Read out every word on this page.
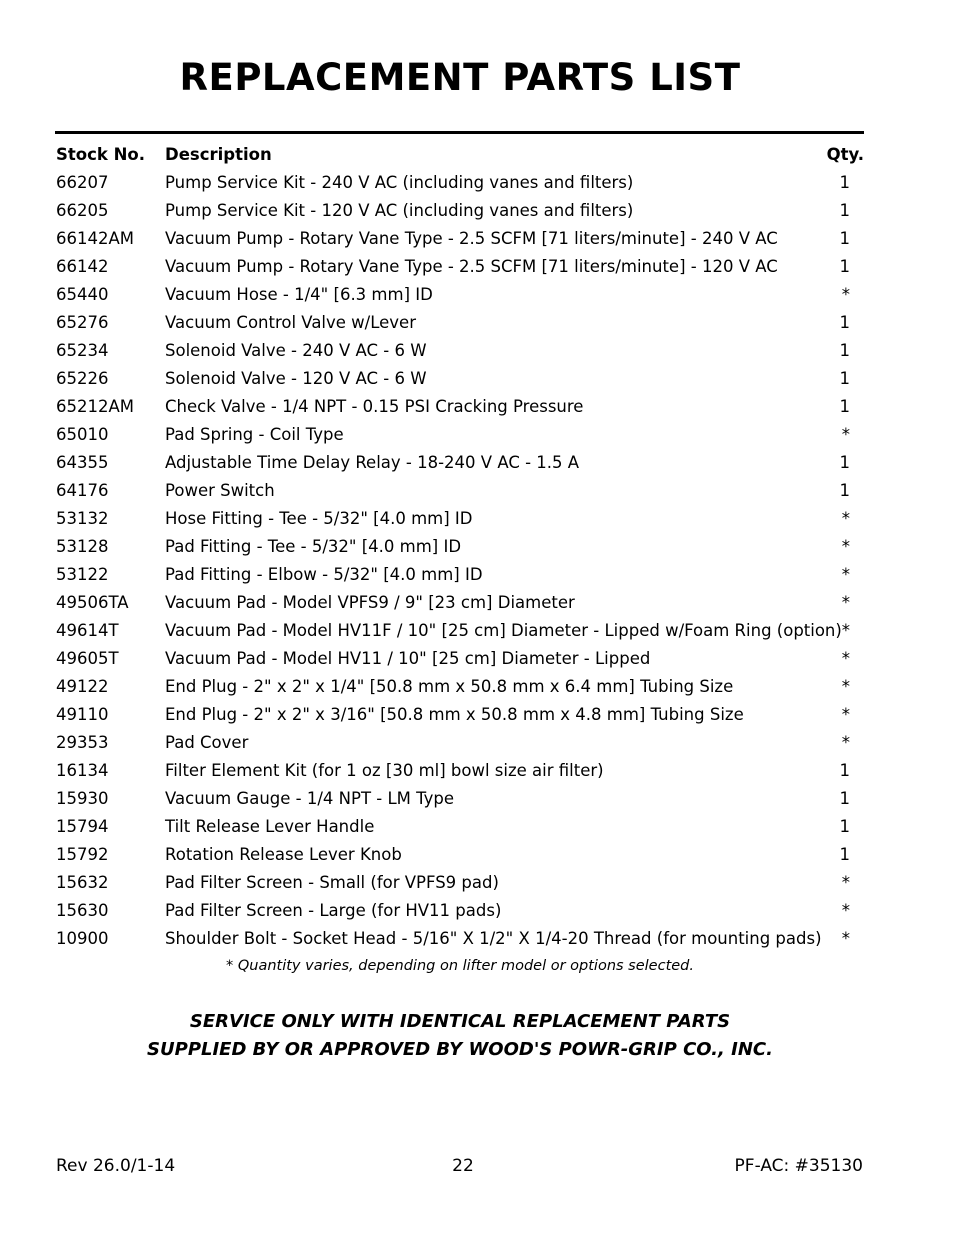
REPLACEMENT PARTS LIST
Stock No. Description	Qty.
66207	Pump Service Kit - 240 V AC (including vanes and filters)	1
66205	Pump Service Kit - 120 V AC (including vanes and filters)	1
66142AM Vacuum Pump - Rotary Vane Type - 2.5 SCFM [71 liters/minute] - 240 V AC	1
66142	Vacuum Pump - Rotary Vane Type - 2.5 SCFM [71 liters/minute] - 120 V AC	1
65440	Vacuum Hose - 1/4" [6.3 mm] ID	*
65276	Vacuum Control Valve w/Lever	1
65234	Solenoid Valve - 240 V AC - 6 W	1
65226	Solenoid Valve - 120 V AC - 6 W	1
65212AM Check Valve - 1/4 NPT - 0.15 PSI Cracking Pressure	1
65010	Pad Spring - Coil Type	*
64355	Adjustable Time Delay Relay - 18-240 V AC - 1.5 A	1
64176	Power Switch	1
53132	Hose Fitting - Tee - 5/32" [4.0 mm] ID	*
53128	Pad Fitting - Tee - 5/32" [4.0 mm] ID	*
53122	Pad Fitting - Elbow - 5/32" [4.0 mm] ID	*
49506TA Vacuum Pad - Model VPFS9 / 9" [23 cm] Diameter	*
49614T	Vacuum Pad - Model HV11F / 10" [25 cm] Diameter - Lipped w/Foam Ring (option) *
49605T	Vacuum Pad - Model HV11 / 10" [25 cm] Diameter - Lipped	*
49122	End Plug - 2" x 2" x 1/4" [50.8 mm x 50.8 mm x 6.4 mm] Tubing Size	*
49110	End Plug - 2" x 2" x 3/16" [50.8 mm x 50.8 mm x 4.8 mm] Tubing Size	*
29353	Pad Cover	*
16134	Filter Element Kit (for 1 oz [30 ml] bowl size air filter)	1
15930	Vacuum Gauge - 1/4 NPT - LM Type	1
15794	Tilt Release Lever Handle	1
15792	Rotation Release Lever Knob	1
15632	Pad Filter Screen - Small (for VPFS9 pad)	*
15630	Pad Filter Screen - Large (for HV11 pads)	*
10900	Shoulder Bolt - Socket Head - 5/16" X 1/2" X 1/4-20 Thread (for mounting pads)	*
* Quantity varies, depending on lifter model or options selected.
SERVICE ONLY WITH IDENTICAL REPLACEMENT PARTS
SUPPLIED BY OR APPROVED BY WOOD'S POWR-GRIP CO., INC.
Rev 26.0/1-14	22	PF-AC: #35130
